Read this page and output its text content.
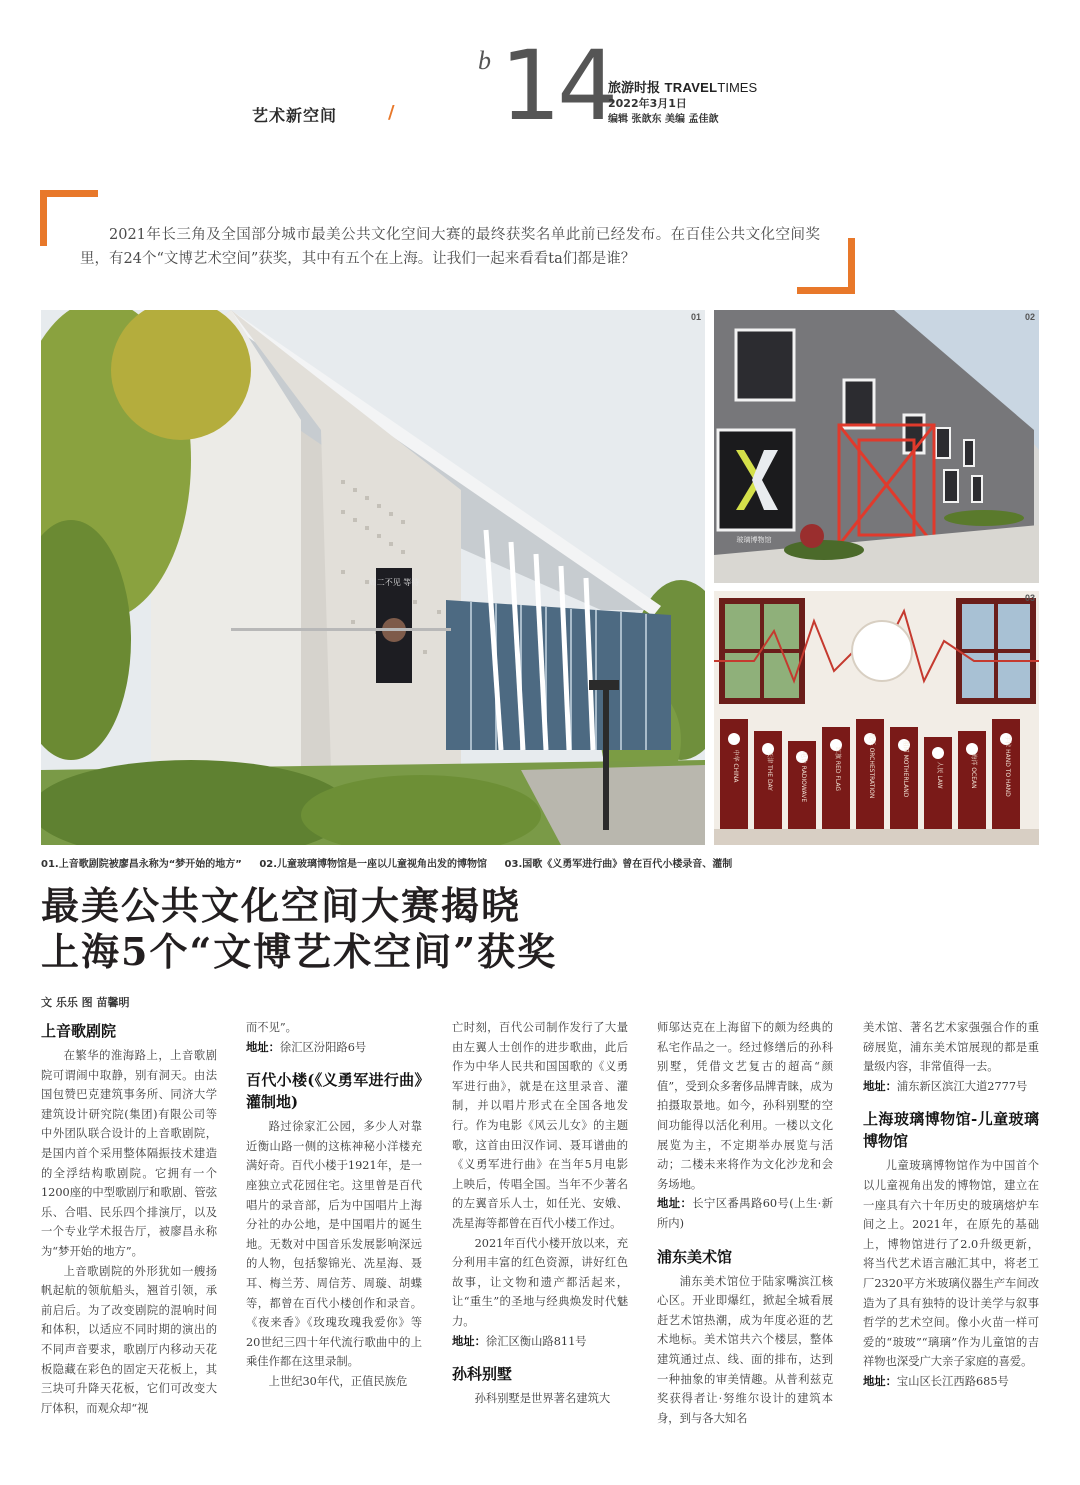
艺术新空间	/
b 14
旅游时报 TRAVELTIMES
2022年3月1日
编辑 张歆东 美编 孟佳歆

2021年长三角及全国部分城市最美公共文化空间大赛的最终获奖名单此前已经发布。在百佳公共文化空间奖里，有24个“文博艺术空间”获奖，其中有五个在上海。让我们一起来看看ta们都是谁？

周二不见 等待
01
玻璃博物馆
02
中华 CHINA	天津 THE DAY	电台 RADIOWAVE	红旗 RED FLAG	配乐 ORCHESTRATION	祖国 MOTHERLAND	人民 LAW	海洋 OCEAN	手拉 HAND TO HAND
03
01.上音歌剧院被廖昌永称为“梦开始的地方” 02.儿童玻璃博物馆是一座以儿童视角出发的博物馆 03.国歌《义勇军进行曲》曾在百代小楼录音、灌制
最美公共文化空间大赛揭晓
上海5个“文博艺术空间”获奖
文 乐乐 图 苗馨明
上音歌剧院

在繁华的淮海路上，上音歌剧院可谓闹中取静，别有洞天。由法国包赞巴克建筑事务所、同济大学建筑设计研究院(集团)有限公司等中外团队联合设计的上音歌剧院，是国内首个采用整体隔振技术建造的全浮结构歌剧院。它拥有一个1200座的中型歌剧厅和歌剧、管弦乐、合唱、民乐四个排演厅，以及一个专业学术报告厅，被廖昌永称为“梦开始的地方”。

上音歌剧院的外形犹如一艘扬帆起航的领航船头，翘首引领，承前启后。为了改变剧院的混响时间和体积，以适应不同时期的演出的不同声音要求，歌剧厅内移动天花板隐藏在彩色的固定天花板上，其三块可升降天花板，它们可改变大厅体积，而观众却“视

而不见”。

地址：徐汇区汾阳路6号

百代小楼(《义勇军进行曲》灌制地)

路过徐家汇公园，多少人对靠近衡山路一侧的这栋神秘小洋楼充满好奇。百代小楼于1921年，是一座独立式花园住宅。这里曾是百代唱片的录音部，后为中国唱片上海分社的办公地，是中国唱片的诞生地。无数对中国音乐发展影响深远的人物，包括黎锦光、冼星海、聂耳、梅兰芳、周信芳、周璇、胡蝶等，都曾在百代小楼创作和录音。《夜来香》《玫瑰玫瑰我爱你》等20世纪三四十年代流行歌曲中的上乘佳作都在这里录制。

上世纪30年代，正值民族危

亡时刻，百代公司制作发行了大量由左翼人士创作的进步歌曲，此后作为中华人民共和国国歌的《义勇军进行曲》，就是在这里录音、灌制，并以唱片形式在全国各地发行。作为电影《风云儿女》的主题歌，这首由田汉作词、聂耳谱曲的《义勇军进行曲》在当年5月电影上映后，传唱全国。当年不少著名的左翼音乐人士，如任光、安娥、冼星海等都曾在百代小楼工作过。

2021年百代小楼开放以来，充分利用丰富的红色资源，讲好红色故事，让文物和遗产都活起来，让“重生”的圣地与经典焕发时代魅力。

地址：徐汇区衡山路811号

孙科别墅

孙科别墅是世界著名建筑大

师邬达克在上海留下的颇为经典的私宅作品之一。经过修缮后的孙科别墅，凭借文艺复古的超高“颜值”，受到众多奢侈品牌青睐，成为拍摄取景地。如今，孙科别墅的空间功能得以活化利用。一楼以文化展览为主，不定期举办展览与活动；二楼未来将作为文化沙龙和会务场地。

地址：长宁区番禺路60号(上生·新所内)

浦东美术馆

浦东美术馆位于陆家嘴滨江核心区。开业即爆红，掀起全城看展赶艺术馆热潮，成为年度必逛的艺术地标。美术馆共六个楼层，整体建筑通过点、线、面的排布，达到一种抽象的审美情趣。从普利兹克奖获得者让·努维尔设计的建筑本身，到与各大知名

美术馆、著名艺术家强强合作的重磅展览，浦东美术馆展现的都是重量级内容，非常值得一去。

地址：浦东新区滨江大道2777号

上海玻璃博物馆-儿童玻璃博物馆

儿童玻璃博物馆作为中国首个以儿童视角出发的博物馆，建立在一座具有六十年历史的玻璃熔炉车间之上。2021年，在原先的基础上，博物馆进行了2.0升级更新，将当代艺术语言融汇其中，将老工厂2320平方米玻璃仪器生产车间改造为了具有独特的设计美学与叙事哲学的艺术空间。像小火苗一样可爱的“玻玻”“璃璃”作为儿童馆的吉祥物也深受广大亲子家庭的喜爱。

地址：宝山区长江西路685号
